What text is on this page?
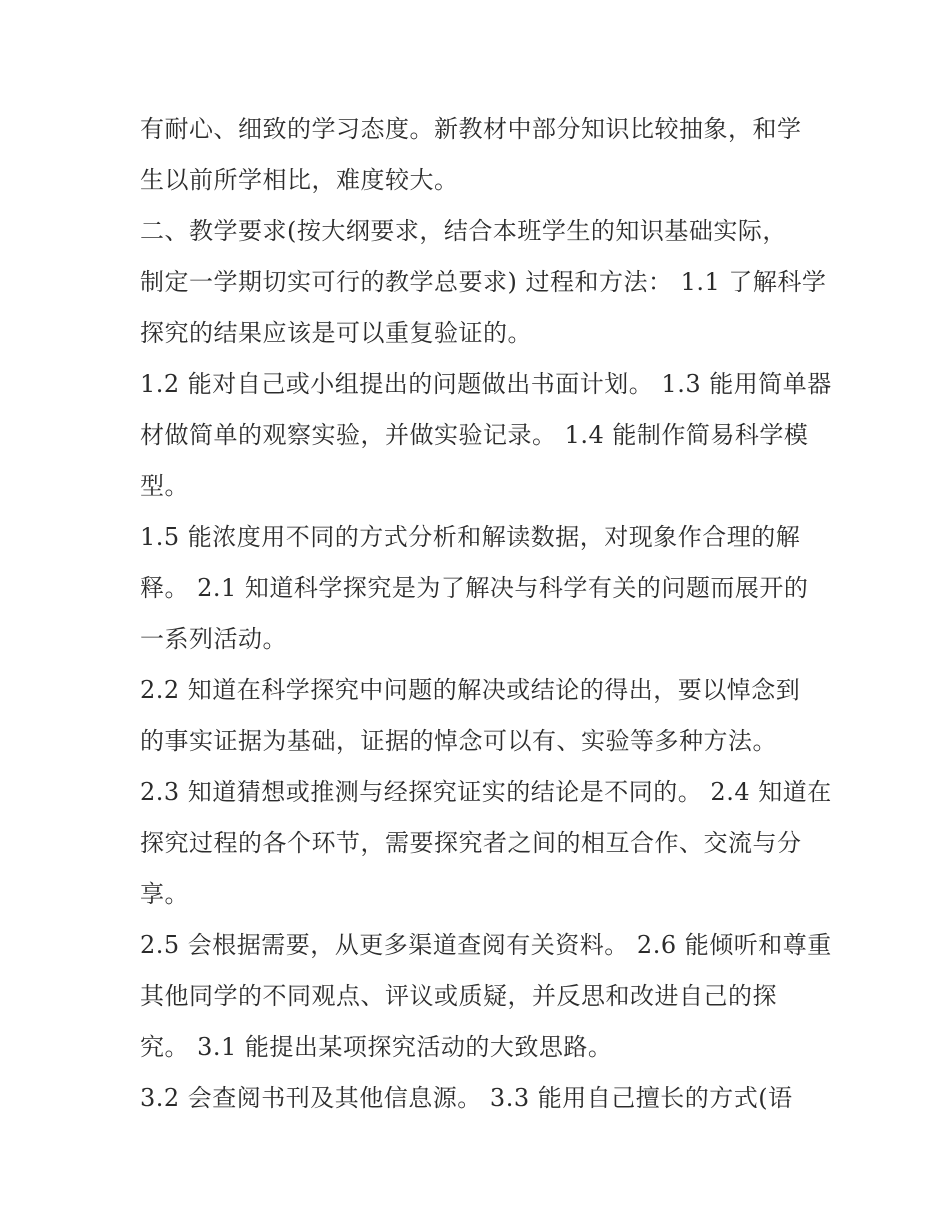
有耐心、细致的学习态度。新教材中部分知识比较抽象，和学
生以前所学相比，难度较大。
二、教学要求(按大纲要求，结合本班学生的知识基础实际，
制定一学期切实可行的教学总要求) 过程和方法： 1.1 了解科学
探究的结果应该是可以重复验证的。
1.2 能对自己或小组提出的问题做出书面计划。 1.3 能用简单器
材做简单的观察实验，并做实验记录。 1.4 能制作简易科学模
型。
1.5 能浓度用不同的方式分析和解读数据，对现象作合理的解
释。 2.1 知道科学探究是为了解决与科学有关的问题而展开的
一系列活动。
2.2 知道在科学探究中问题的解决或结论的得出，要以悼念到
的事实证据为基础，证据的悼念可以有、实验等多种方法。
2.3 知道猜想或推测与经探究证实的结论是不同的。 2.4 知道在
探究过程的各个环节，需要探究者之间的相互合作、交流与分
享。
2.5 会根据需要，从更多渠道查阅有关资料。 2.6 能倾听和尊重
其他同学的不同观点、评议或质疑，并反思和改进自己的探
究。 3.1 能提出某项探究活动的大致思路。
3.2 会查阅书刊及其他信息源。 3.3 能用自己擅长的方式(语
